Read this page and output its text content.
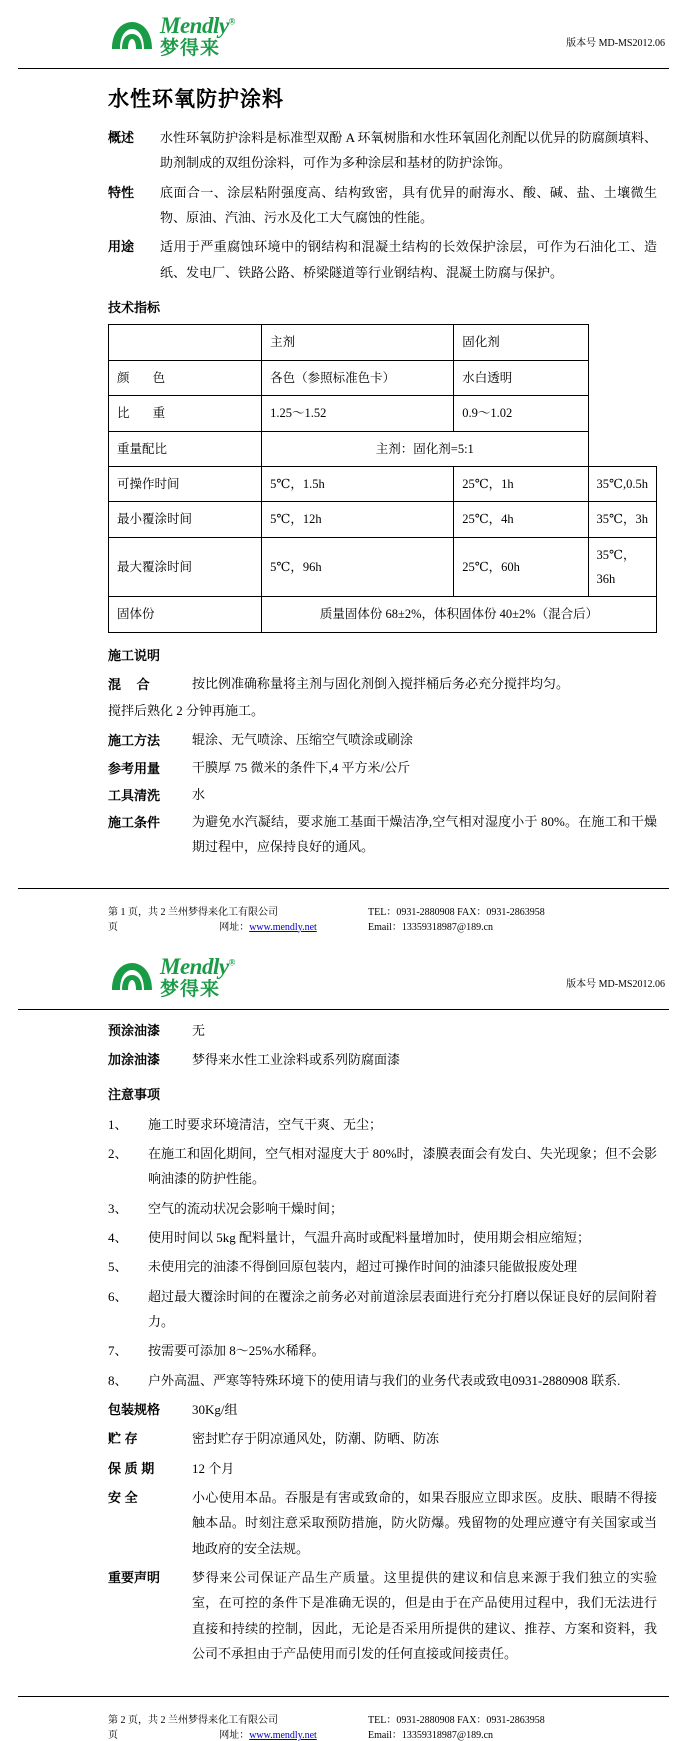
Mendly®
梦得来	版本号 MD-MS2012.06
水性环氧防护涂料
概述	水性环氧防护涂料是标准型双酚 A 环氧树脂和水性环氧固化剂配以优异的防腐颜填料、助剂制成的双组份涂料，可作为多种涂层和基材的防护涂饰。
特性	底面合一、涂层粘附强度高、结构致密，具有优异的耐海水、酸、碱、盐、土壤微生物、原油、汽油、污水及化工大气腐蚀的性能。
用途	适用于严重腐蚀环境中的钢结构和混凝土结构的长效保护涂层，可作为石油化工、造纸、发电厂、铁路公路、桥梁隧道等行业钢结构、混凝土防腐与保护。
技术指标
	主剂	固化剂	
颜 色	各色（参照标准色卡）	水白透明	
比 重	1.25～1.52	0.9～1.02	
重量配比	主剂：固化剂=5:1		
可操作时间	5℃，1.5h	25℃，1h	35℃,0.5h
最小覆涂时间	5℃，12h	25℃，4h	35℃，3h
最大覆涂时间	5℃，96h	25℃，60h	35℃，36h
固体份	质量固体份 68±2%，体积固体份 40±2%（混合后）		
施工说明
混 合	按比例准确称量将主剂与固化剂倒入搅拌桶后务必充分搅拌均匀。
搅拌后熟化 2 分钟再施工。
施工方法	辊涂、无气喷涂、压缩空气喷涂或刷涂
参考用量	干膜厚 75 微米的条件下,4 平方米/公斤
工具清洗	水
施工条件	为避免水汽凝结，要求施工基面干燥洁净,空气相对湿度小于 80%。在施工和干燥期过程中，应保持良好的通风。
第 1 页，共 2 页
兰州梦得来化工有限公司	TEL：0931-2880908 FAX：0931-2863958
网址：www.mendly.net	Email：13359318987@189.cn
Mendly®
梦得来	版本号 MD-MS2012.06
预涂油漆	无
加涂油漆	梦得来水性工业涂料或系列防腐面漆
注意事项
1、	施工时要求环境清洁，空气干爽、无尘；
2、	在施工和固化期间，空气相对湿度大于 80%时，漆膜表面会有发白、失光现象；但不会影响油漆的防护性能。
3、	空气的流动状况会影响干燥时间；
4、	使用时间以 5kg 配料量计，气温升高时或配料量增加时，使用期会相应缩短；
5、	未使用完的油漆不得倒回原包装内，超过可操作时间的油漆只能做报废处理
6、	超过最大覆涂时间的在覆涂之前务必对前道涂层表面进行充分打磨以保证良好的层间附着力。
7、	按需要可添加 8～25%水稀释。
8、	户外高温、严寒等特殊环境下的使用请与我们的业务代表或致电0931-2880908 联系.
包装规格	30Kg/组
贮 存	密封贮存于阴凉通风处，防潮、防晒、防冻
保 质 期	12 个月
安 全	小心使用本品。吞服是有害或致命的，如果吞服应立即求医。皮肤、眼睛不得接触本品。时刻注意采取预防措施，防火防爆。残留物的处理应遵守有关国家或当地政府的安全法规。
重要声明	梦得来公司保证产品生产质量。这里提供的建议和信息来源于我们独立的实验室，在可控的条件下是准确无误的，但是由于在产品使用过程中，我们无法进行直接和持续的控制，因此，无论是否采用所提供的建议、推荐、方案和资料，我公司不承担由于产品使用而引发的任何直接或间接责任。
第 2 页，共 2 页
兰州梦得来化工有限公司	TEL：0931-2880908 FAX：0931-2863958
网址：www.mendly.net	Email：13359318987@189.cn
